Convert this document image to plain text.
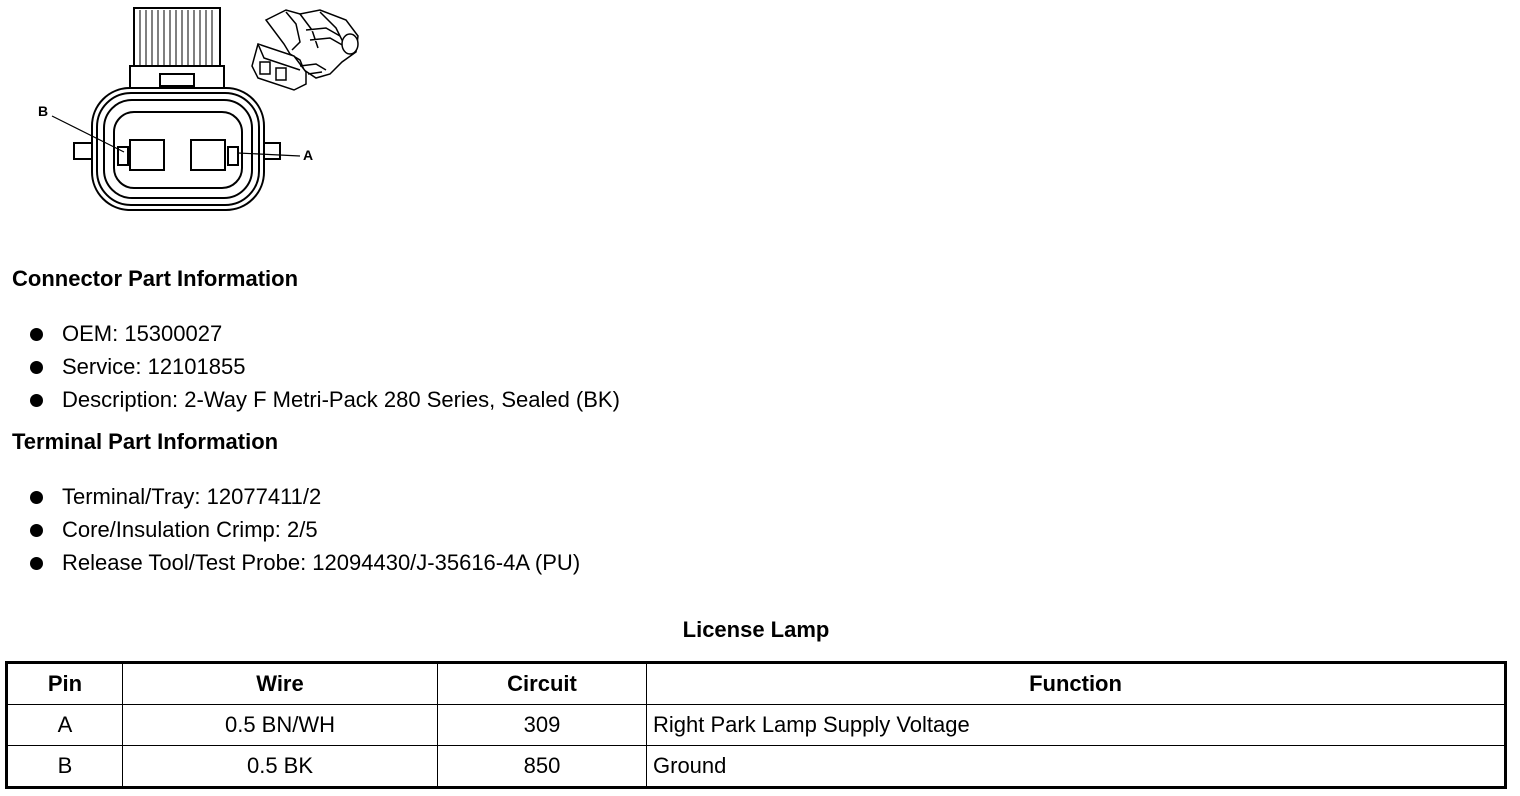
B
A
Connector Part Information
OEM: 15300027
Service: 12101855
Description: 2-Way F Metri-Pack 280 Series, Sealed (BK)
Terminal Part Information
Terminal/Tray: 12077411/2
Core/Insulation Crimp: 2/5
Release Tool/Test Probe: 12094430/J-35616-4A (PU)
License Lamp
Pin	Wire	Circuit	Function
A	0.5 BN/WH	309	Right Park Lamp Supply Voltage
B	0.5 BK	850	Ground
